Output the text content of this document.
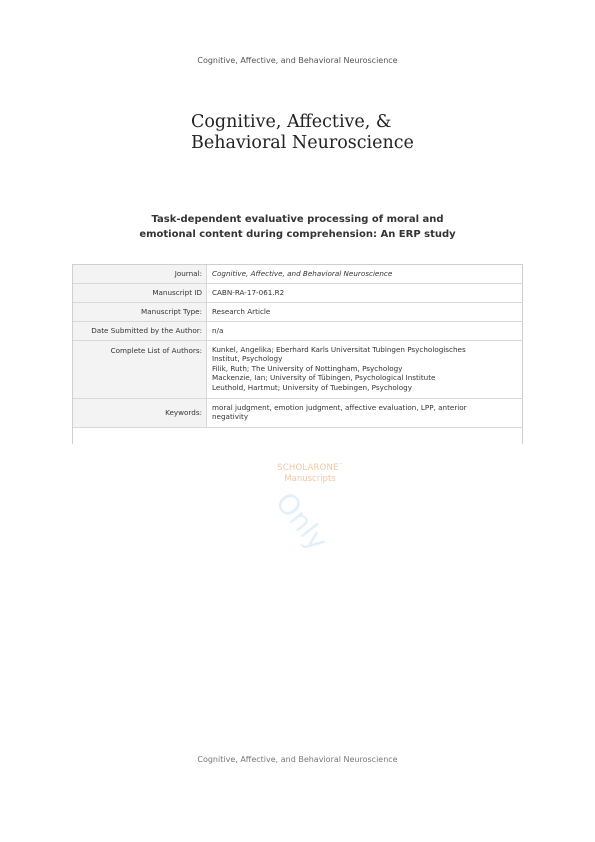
Cognitive, Affective, and Behavioral Neuroscience
Cognitive, Affective, &
Behavioral Neuroscience
Task-dependent evaluative processing of moral and
emotional content during comprehension: An ERP study
Journal:	Cognitive, Affective, and Behavioral Neuroscience
Manuscript ID	CABN-RA-17-061.R2
Manuscript Type:	Research Article
Date Submitted by the Author:	n/a
Complete List of Authors:	Kunkel, Angelika; Eberhard Karls Universitat Tubingen Psychologisches
Institut, Psychology
Filik, Ruth; The University of Nottingham, Psychology
Mackenzie, Ian; University of Tübingen, Psychological Institute
Leuthold, Hartmut; University of Tuebingen, Psychology
Keywords:
moral judgment, emotion judgment, affective evaluation, LPP, anterior
negativity
Only
SCHOLARONE™
Manuscripts
Cognitive, Affective, and Behavioral Neuroscience
